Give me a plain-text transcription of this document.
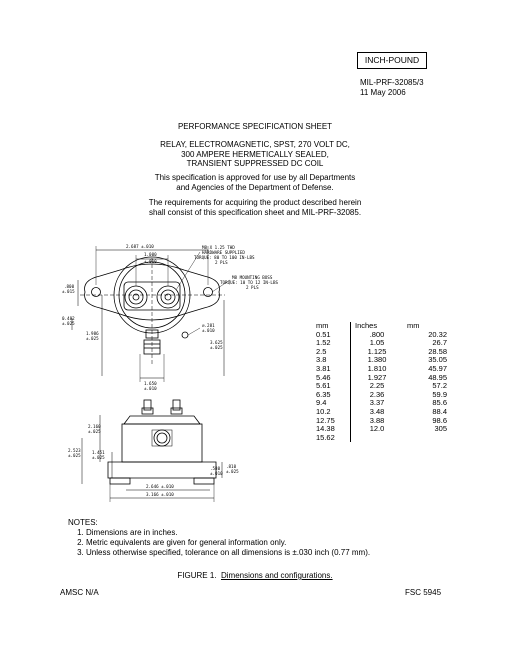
INCH-POUND
MIL-PRF-32085/3
11 May 2006
PERFORMANCE SPECIFICATION SHEET
RELAY, ELECTROMAGNETIC, SPST, 270 VOLT DC,
300 AMPERE HERMETICALLY SEALED,
TRANSIENT SUPPRESSED DC COIL
This specification is approved for use by all Departments
and Agencies of the Department of Defense.
The requirements for acquiring the product described herein
shall consist of this specification sheet and MIL-PRF-32085.
2.687 ±.010
1.000
±.010
M8 X 1.25 THD
HARDWARE SUPPLIED
TORQUE: 80 TO 100 IN-LBS
2 PLS
M8 MOUNTING BOSS
TORQUE: 10 TO 12 IN-LBS
2 PLS
.800
±.015
0.482
±.025
1.986
±.025
⌀.281
±.010
3.625
±.025
1.650
±.010
2.160
±.025
2.523
±.025
1.451
±.025
.810
±.025
.580
±.010
2.646 ±.010
3.166 ±.010
mm	Inches	mm
0.51	.800	20.32
1.52	1.05	26.7
2.5	1.125	28.58
3.8	1.380	35.05
3.81	1.810	45.97
5.46	1.927	48.95
5.61	2.25	57.2
6.35	2.36	59.9
9.4	3.37	85.6
10.2	3.48	88.4
12.75	3.88	98.6
14.38	12.0	305
15.62		
NOTES:
1. Dimensions are in inches.
2. Metric equivalents are given for general information only.
3. Unless otherwise specified, tolerance on all dimensions is ±.030 inch (0.77 mm).
FIGURE 1. Dimensions and configurations.
AMSC N/A	FSC 5945
